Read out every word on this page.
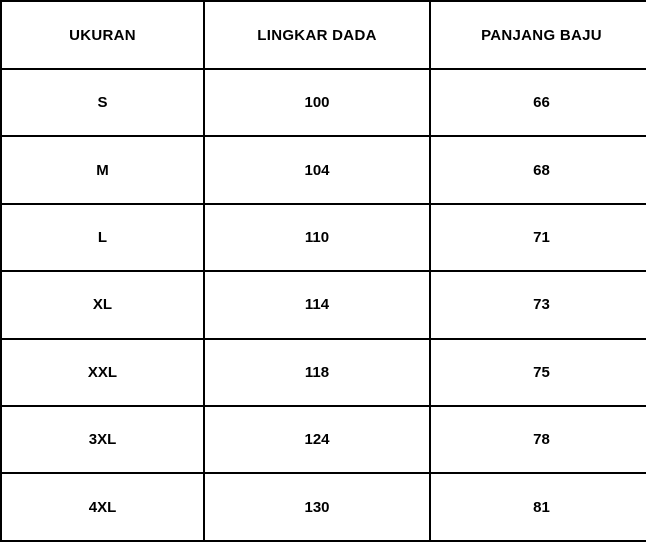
UKURAN	LINGKAR DADA	PANJANG BAJU
S	100	66
M	104	68
L	110	71
XL	114	73
XXL	118	75
3XL	124	78
4XL	130	81
